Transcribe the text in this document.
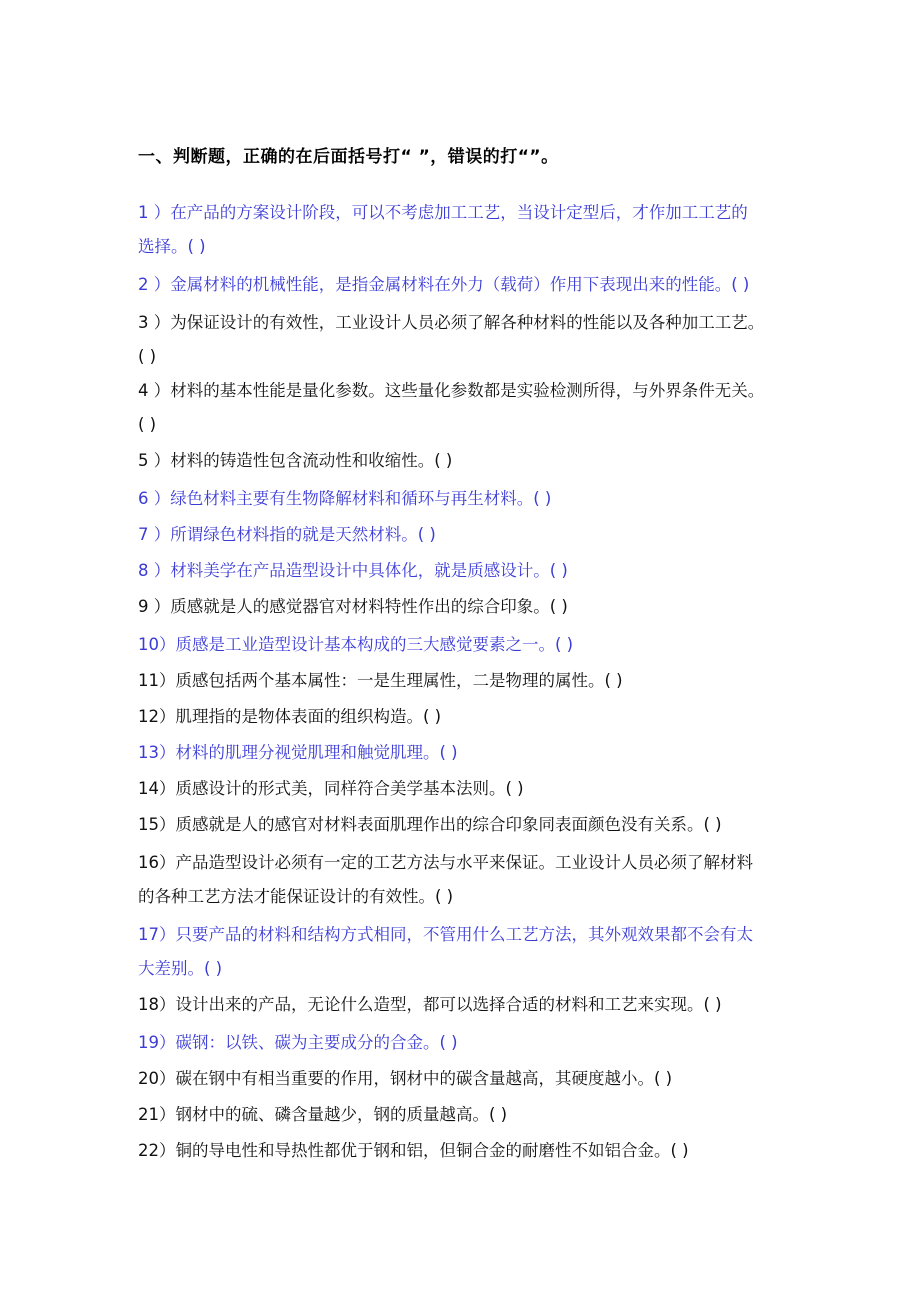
一、判断题，正确的在后面括号打“ ”，错误的打“”。
1 ）在产品的方案设计阶段，可以不考虑加工工艺，当设计定型后，才作加工工艺的
选择。( )
2 ）金属材料的机械性能，是指金属材料在外力（载荷）作用下表现出来的性能。( )
3 ）为保证设计的有效性，工业设计人员必须了解各种材料的性能以及各种加工工艺。
( )
4 ）材料的基本性能是量化参数。这些量化参数都是实验检测所得，与外界条件无关。
( )
5 ）材料的铸造性包含流动性和收缩性。( )
6 ）绿色材料主要有生物降解材料和循环与再生材料。( )
7 ）所谓绿色材料指的就是天然材料。( )
8 ）材料美学在产品造型设计中具体化，就是质感设计。( )
9 ）质感就是人的感觉器官对材料特性作出的综合印象。( )
10）质感是工业造型设计基本构成的三大感觉要素之一。( )
11）质感包括两个基本属性：一是生理属性，二是物理的属性。( )
12）肌理指的是物体表面的组织构造。( )
13）材料的肌理分视觉肌理和触觉肌理。( )
14）质感设计的形式美，同样符合美学基本法则。( )
15）质感就是人的感官对材料表面肌理作出的综合印象同表面颜色没有关系。( )
16）产品造型设计必须有一定的工艺方法与水平来保证。工业设计人员必须了解材料
的各种工艺方法才能保证设计的有效性。( )
17）只要产品的材料和结构方式相同，不管用什么工艺方法，其外观效果都不会有太
大差别。( )
18）设计出来的产品，无论什么造型，都可以选择合适的材料和工艺来实现。( )
19）碳钢：以铁、碳为主要成分的合金。( )
20）碳在钢中有相当重要的作用，钢材中的碳含量越高，其硬度越小。( )
21）钢材中的硫、磷含量越少，钢的质量越高。( )
22）铜的导电性和导热性都优于钢和铝，但铜合金的耐磨性不如铝合金。( )
